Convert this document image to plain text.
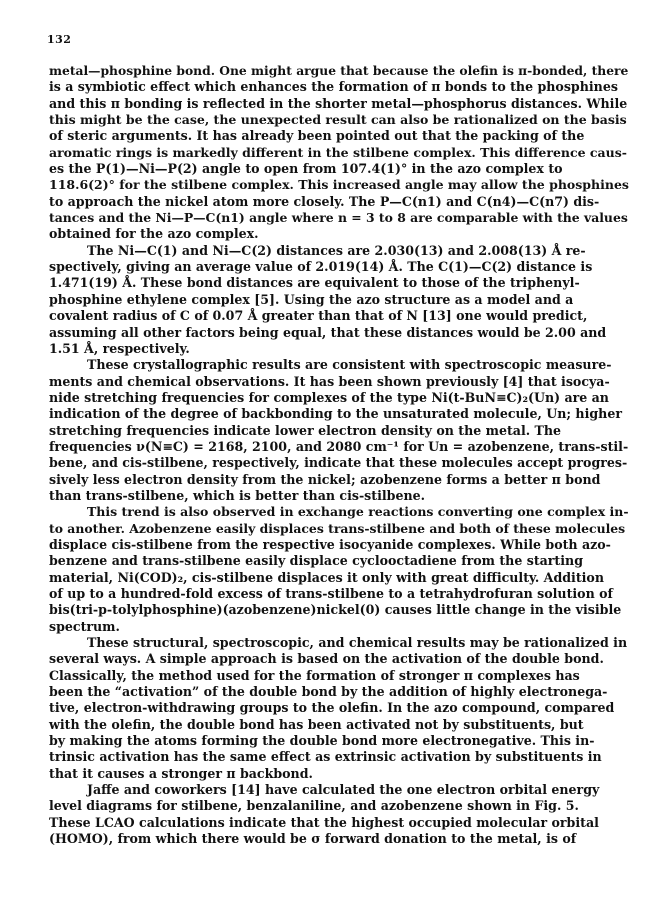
132
metal—phosphine bond. One might argue that because the olefin is π-bonded, there
is a symbiotic effect which enhances the formation of π bonds to the phosphines
and this π bonding is reflected in the shorter metal—phosphorus distances. While
this might be the case, the unexpected result can also be rationalized on the basis
of steric arguments. It has already been pointed out that the packing of the
aromatic rings is markedly different in the stilbene complex. This difference caus-
es the P(1)—Ni—P(2) angle to open from 107.4(1)° in the azo complex to
118.6(2)° for the stilbene complex. This increased angle may allow the phosphines
to approach the nickel atom more closely. The P—C(n1) and C(n4)—C(n7) dis-
tances and the Ni—P—C(n1) angle where n = 3 to 8 are comparable with the values
obtained for the azo complex.
The Ni—C(1) and Ni—C(2) distances are 2.030(13) and 2.008(13) Å re-
spectively, giving an average value of 2.019(14) Å. The C(1)—C(2) distance is
1.471(19) Å. These bond distances are equivalent to those of the triphenyl-
phosphine ethylene complex [5]. Using the azo structure as a model and a
covalent radius of C of 0.07 Å greater than that of N [13] one would predict,
assuming all other factors being equal, that these distances would be 2.00 and
1.51 Å, respectively.
These crystallographic results are consistent with spectroscopic measure-
ments and chemical observations. It has been shown previously [4] that isocya-
nide stretching frequencies for complexes of the type Ni(t-BuN≡C)₂(Un) are an
indication of the degree of backbonding to the unsaturated molecule, Un; higher
stretching frequencies indicate lower electron density on the metal. The
frequencies ν(N≡C) = 2168, 2100, and 2080 cm⁻¹ for Un = azobenzene, trans-stil-
bene, and cis-stilbene, respectively, indicate that these molecules accept progres-
sively less electron density from the nickel; azobenzene forms a better π bond
than trans-stilbene, which is better than cis-stilbene.
This trend is also observed in exchange reactions converting one complex in-
to another. Azobenzene easily displaces trans-stilbene and both of these molecules
displace cis-stilbene from the respective isocyanide complexes. While both azo-
benzene and trans-stilbene easily displace cyclooctadiene from the starting
material, Ni(COD)₂, cis-stilbene displaces it only with great difficulty. Addition
of up to a hundred-fold excess of trans-stilbene to a tetrahydrofuran solution of
bis(tri-p-tolylphosphine)(azobenzene)nickel(0) causes little change in the visible
spectrum.
These structural, spectroscopic, and chemical results may be rationalized in
several ways. A simple approach is based on the activation of the double bond.
Classically, the method used for the formation of stronger π complexes has
been the “activation” of the double bond by the addition of highly electronega-
tive, electron-withdrawing groups to the olefin. In the azo compound, compared
with the olefin, the double bond has been activated not by substituents, but
by making the atoms forming the double bond more electronegative. This in-
trinsic activation has the same effect as extrinsic activation by substituents in
that it causes a stronger π backbond.
Jaffe and coworkers [14] have calculated the one electron orbital energy
level diagrams for stilbene, benzalaniline, and azobenzene shown in Fig. 5.
These LCAO calculations indicate that the highest occupied molecular orbital
(HOMO), from which there would be σ forward donation to the metal, is of
